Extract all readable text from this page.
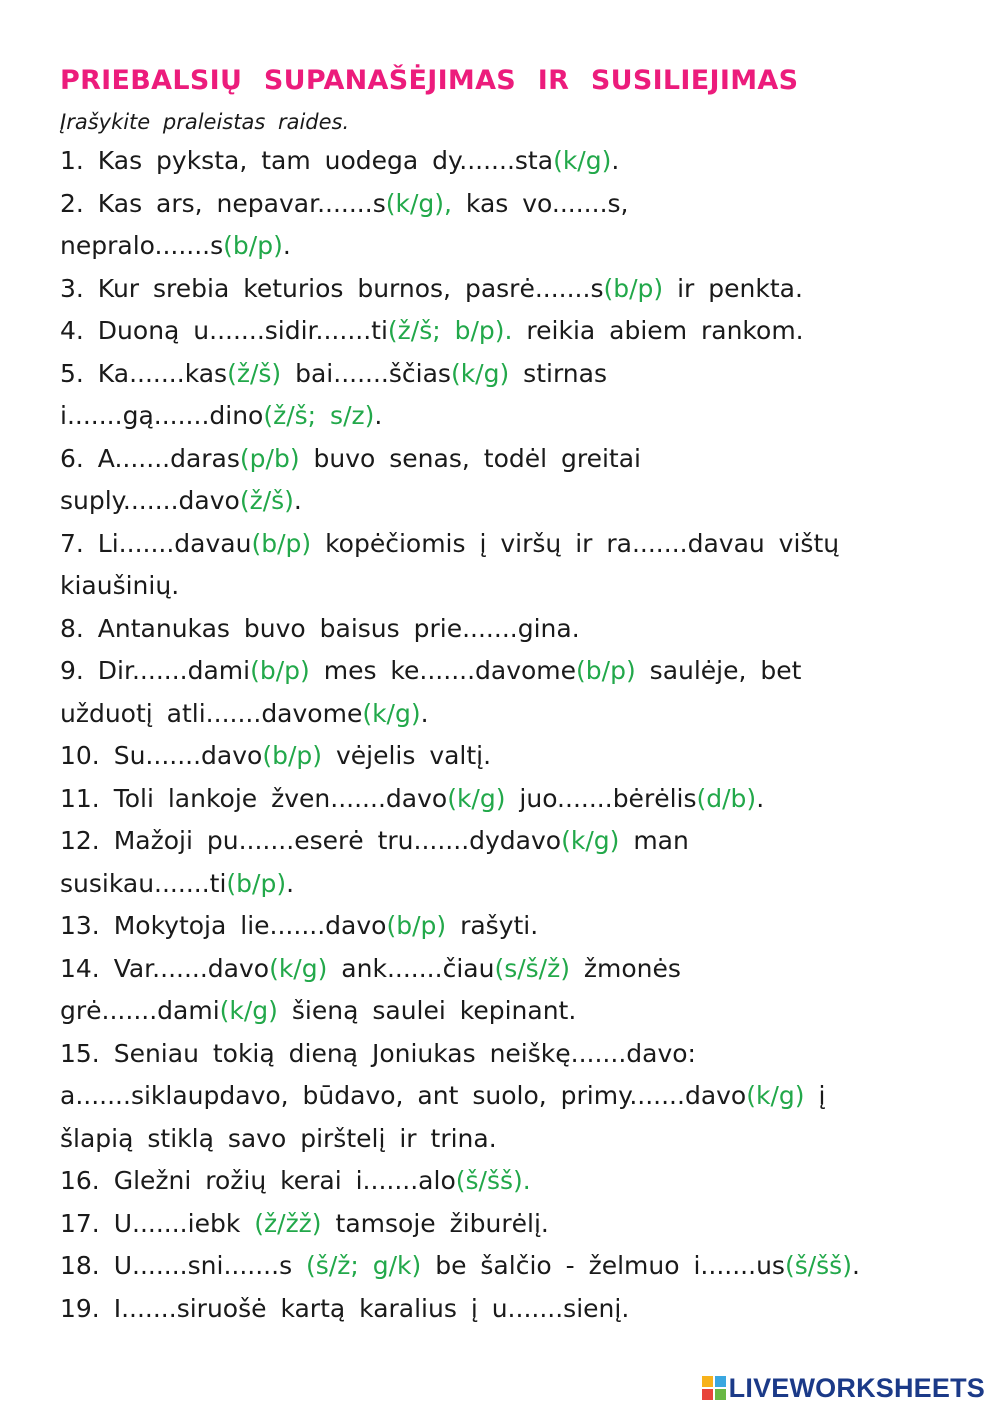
PRIEBALSIŲ SUPANAŠĖJIMAS IR SUSILIEJIMAS
Įrašykite praleistas raides.
1. Kas pyksta, tam uodega dy.......sta(k/g).
2. Kas ars, nepavar.......s(k/g), kas vo.......s,
nepralo.......s(b/p).
3. Kur srebia keturios burnos, pasrė.......s(b/p) ir penkta.
4. Duoną u.......sidir.......ti(ž/š; b/p). reikia abiem rankom.
5. Ka.......kas(ž/š) bai.......ščias(k/g) stirnas
i.......gą.......dino(ž/š; s/z).
6. A.......daras(p/b) buvo senas, todėl greitai
suply.......davo(ž/š).
7. Li.......davau(b/p) kopėčiomis į viršų ir ra.......davau vištų
kiaušinių.
8. Antanukas buvo baisus prie.......gina.
9. Dir.......dami(b/p) mes ke.......davome(b/p) saulėje, bet
užduotį atli.......davome(k/g).
10. Su.......davo(b/p) vėjelis valtį.
11. Toli lankoje žven.......davo(k/g) juo.......bėrėlis(d/b).
12. Mažoji pu.......eserė tru.......dydavo(k/g) man
susikau.......ti(b/p).
13. Mokytoja lie.......davo(b/p) rašyti.
14. Var.......davo(k/g) ank.......čiau(s/š/ž) žmonės
grė.......dami(k/g) šieną saulei kepinant.
15. Seniau tokią dieną Joniukas neiškę.......davo:
a.......siklaupdavo, būdavo, ant suolo, primy.......davo(k/g) į
šlapią stiklą savo pirštelį ir trina.
16. Gležni rožių kerai i.......alo(š/šš).
17. U.......iebk (ž/žž) tamsoje žiburėlį.
18. U.......sni.......s (š/ž; g/k) be šalčio - želmuo i.......us(š/šš).
19. I.......siruošė kartą karalius į u.......sienį.
LIVEWORKSHEETS
